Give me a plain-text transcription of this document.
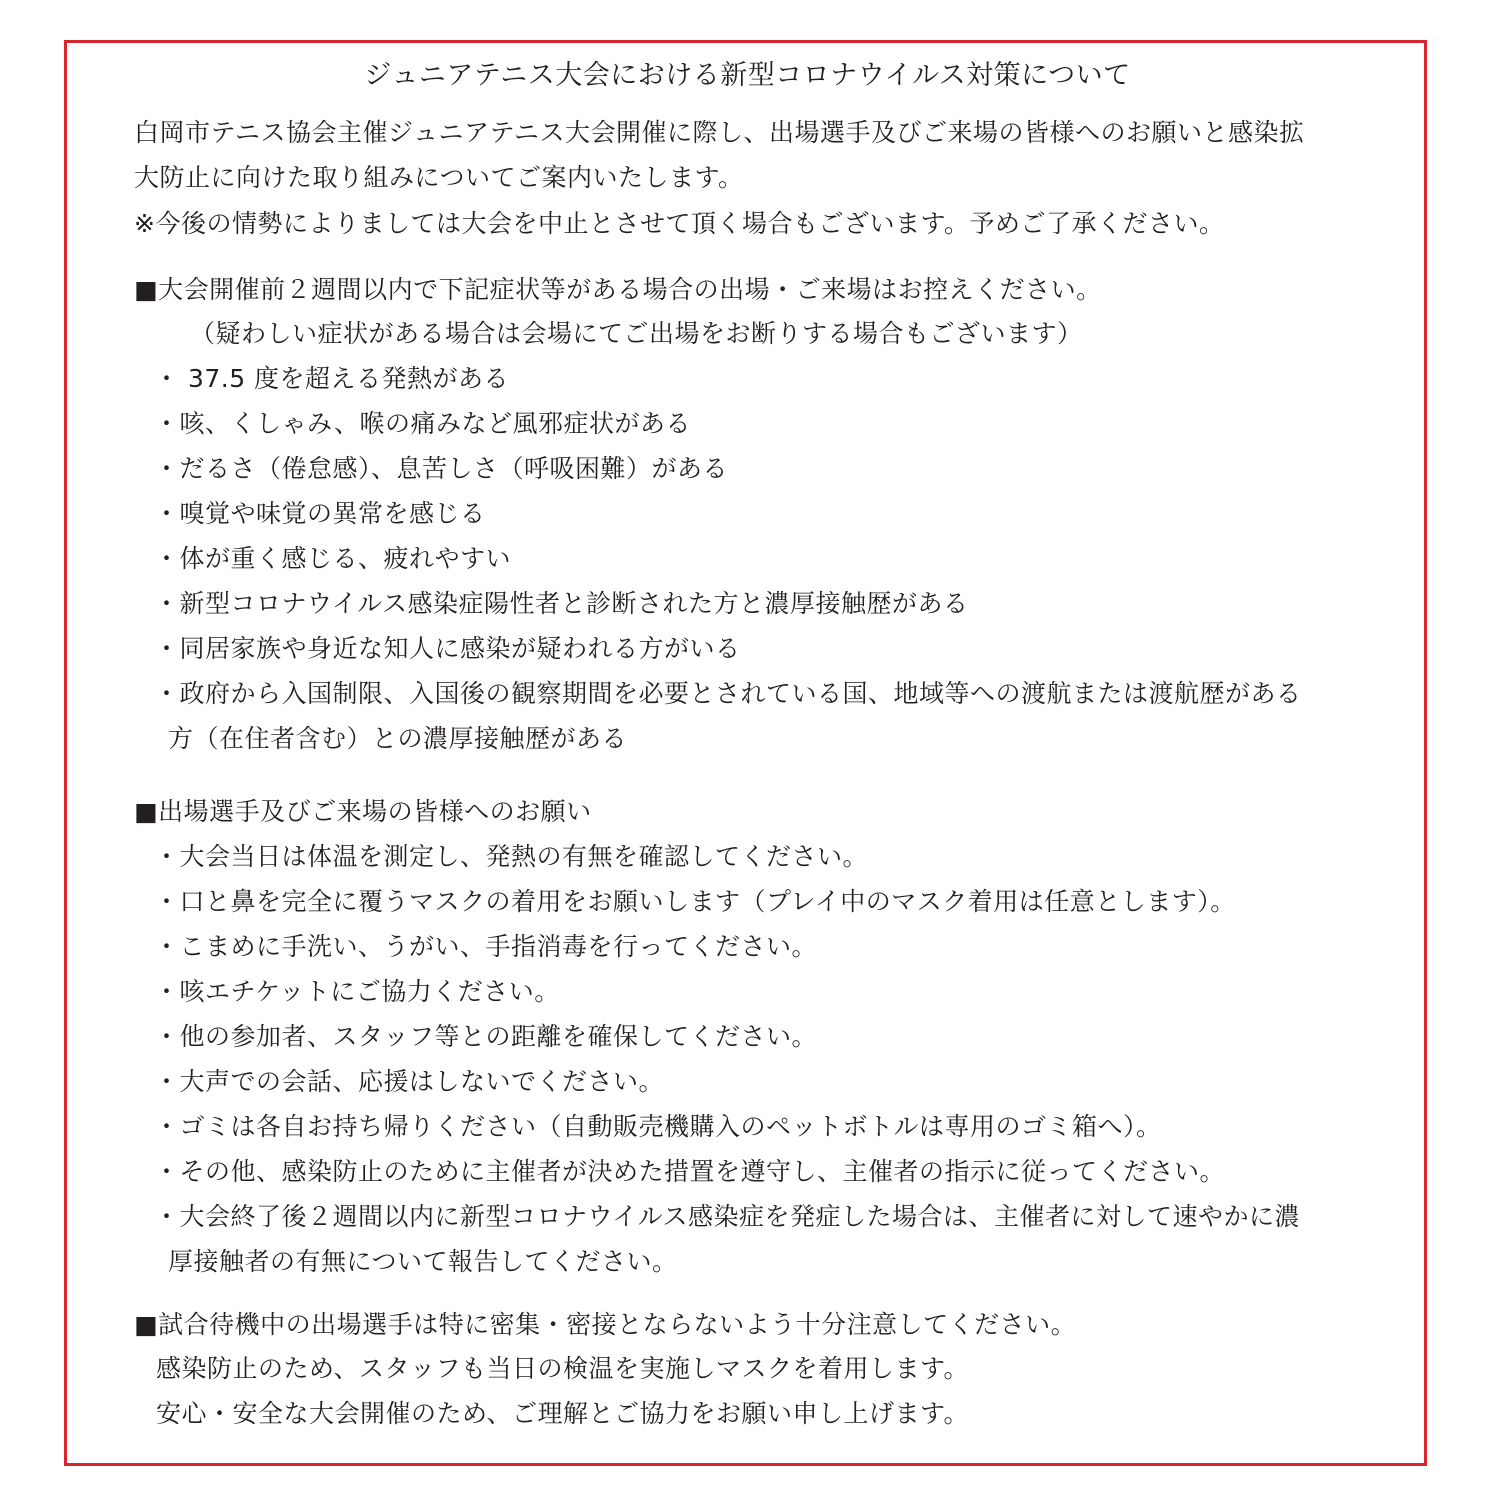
ジュニアテニス大会における新型コロナウイルス対策について
白岡市テニス協会主催ジュニアテニス大会開催に際し、出場選手及びご来場の皆様へのお願いと感染拡
大防止に向けた取り組みについてご案内いたします。
※今後の情勢によりましては大会を中止とさせて頂く場合もございます。予めご了承ください。
■大会開催前２週間以内で下記症状等がある場合の出場・ご来場はお控えください。
（疑わしい症状がある場合は会場にてご出場をお断りする場合もございます）
・ 37.5 度を超える発熱がある
・咳、くしゃみ、喉の痛みなど風邪症状がある
・だるさ（倦怠感）、息苦しさ（呼吸困難）がある
・嗅覚や味覚の異常を感じる
・体が重く感じる、疲れやすい
・新型コロナウイルス感染症陽性者と診断された方と濃厚接触歴がある
・同居家族や身近な知人に感染が疑われる方がいる
・政府から入国制限、入国後の観察期間を必要とされている国、地域等への渡航または渡航歴がある
方（在住者含む）との濃厚接触歴がある
■出場選手及びご来場の皆様へのお願い
・大会当日は体温を測定し、発熱の有無を確認してください。
・口と鼻を完全に覆うマスクの着用をお願いします（プレイ中のマスク着用は任意とします）。
・こまめに手洗い、うがい、手指消毒を行ってください。
・咳エチケットにご協力ください。
・他の参加者、スタッフ等との距離を確保してください。
・大声での会話、応援はしないでください。
・ゴミは各自お持ち帰りください（自動販売機購入のペットボトルは専用のゴミ箱へ）。
・その他、感染防止のために主催者が決めた措置を遵守し、主催者の指示に従ってください。
・大会終了後２週間以内に新型コロナウイルス感染症を発症した場合は、主催者に対して速やかに濃
厚接触者の有無について報告してください。
■試合待機中の出場選手は特に密集・密接とならないよう十分注意してください。
感染防止のため、スタッフも当日の検温を実施しマスクを着用します。
安心・安全な大会開催のため、ご理解とご協力をお願い申し上げます。
